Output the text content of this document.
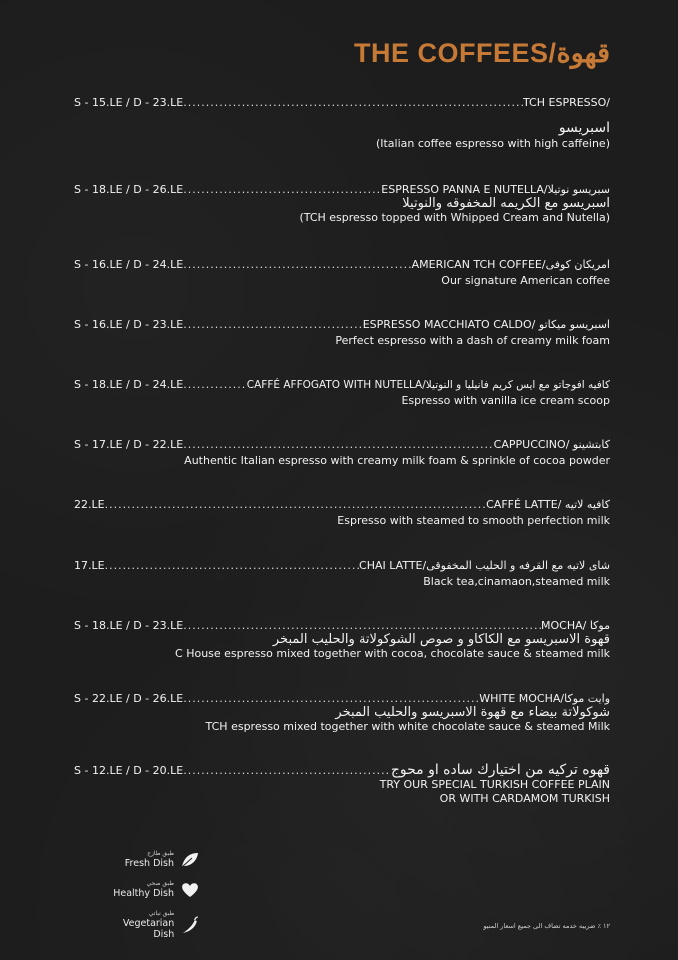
THE COFFEES/قهوة
S - 15.LE / D - 23.LE .....	TCH ESPRESSO/
اسبريسو
(Italian coffee espresso with high caffeine)
S - 18.LE / D - 26.LE .....	ESPRESSO PANNA E NUTELLA/سبريسو نوتيلا
اسبريسو مع الكريمه المخفوقه والنوتيلا
(TCH espresso topped with Whipped Cream and Nutella)
S - 16.LE / D - 24.LE .....	AMERICAN TCH COFFEE/امريكان كوفى
Our signature American coffee
S - 16.LE / D - 23.LE .....	ESPRESSO MACCHIATO CALDO/ اسبريسو ميكاتو
Perfect espresso with a dash of creamy milk foam
S - 18.LE / D - 24.LE .....	CAFFÉ AFFOGATO WITH NUTELLA/كافيه افوجاتو مع ايس كريم فانيليا و النوتيلا
Espresso with vanilla ice cream scoop
S - 17.LE / D - 22.LE .....	CAPPUCCINO/ كابتشينو
Authentic Italian espresso with creamy milk foam & sprinkle of cocoa powder
22.LE .....	CAFFÉ LATTE/ كافيه لاتيه
Espresso with steamed to smooth perfection milk
17.LE .....	CHAI LATTE/شاى لاتيه مع القرفه و الحليب المخفوقى
Black tea,cinamaon,steamed milk
S - 18.LE / D - 23.LE .....	MOCHA/ موكا
قهوة الاسبريسو مع الكاكاو و صوص الشوكولاتة والحليب المبخر
C House espresso mixed together with cocoa, chocolate sauce & steamed milk
S - 22.LE / D - 26.LE .....	WHITE MOCHA/وايت موكا
شوكولاتة بيضاء مع قهوة الاسبريسو والحليب المبخر
TCH espresso mixed together with white chocolate sauce & steamed Milk
S - 12.LE / D - 20.LE .....	قهوه تركيه من اختيارك ساده او محوج
TRY OUR SPECIAL TURKISH COFFEE PLAIN
OR WITH CARDAMOM TURKISH
طبق طازج
Fresh Dish
طبق صحي
Healthy Dish
طبق نباتي
Vegetarian Dish
١٢ ٪ ضريبه خدمه تضاف الى جميع اسعار المنيو
